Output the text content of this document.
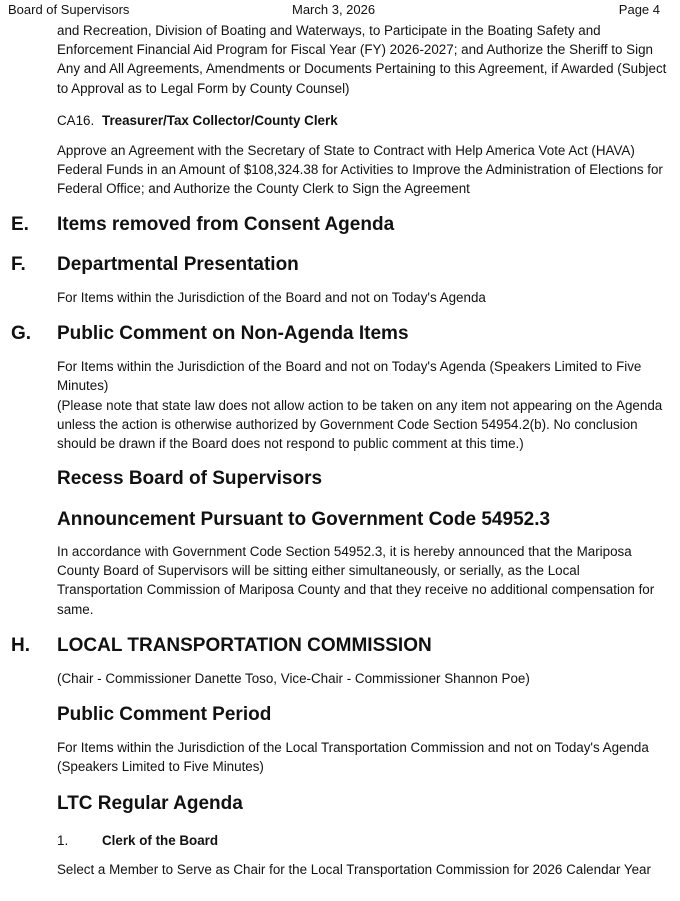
Board of Supervisors	March 3, 2026	Page 4

and Recreation, Division of Boating and Waterways, to Participate in the Boating Safety and Enforcement Financial Aid Program for Fiscal Year (FY) 2026-2027; and Authorize the Sheriff to Sign Any and All Agreements, Amendments or Documents Pertaining to this Agreement, if Awarded (Subject to Approval as to Legal Form by County Counsel)

CA16. Treasurer/Tax Collector/County Clerk

Approve an Agreement with the Secretary of State to Contract with Help America Vote Act (HAVA) Federal Funds in an Amount of $108,324.38 for Activities to Improve the Administration of Elections for Federal Office; and Authorize the County Clerk to Sign the Agreement

E. Items removed from Consent Agenda
F. Departmental Presentation

For Items within the Jurisdiction of the Board and not on Today's Agenda

G. Public Comment on Non-Agenda Items

For Items within the Jurisdiction of the Board and not on Today's Agenda (Speakers Limited to Five Minutes)

(Please note that state law does not allow action to be taken on any item not appearing on the Agenda unless the action is otherwise authorized by Government Code Section 54954.2(b). No conclusion should be drawn if the Board does not respond to public comment at this time.)

Recess Board of Supervisors
Announcement Pursuant to Government Code 54952.3

In accordance with Government Code Section 54952.3, it is hereby announced that the Mariposa County Board of Supervisors will be sitting either simultaneously, or serially, as the Local Transportation Commission of Mariposa County and that they receive no additional compensation for same.

H. LOCAL TRANSPORTATION COMMISSION

(Chair - Commissioner Danette Toso, Vice-Chair - Commissioner Shannon Poe)

Public Comment Period

For Items within the Jurisdiction of the Local Transportation Commission and not on Today's Agenda (Speakers Limited to Five Minutes)

LTC Regular Agenda
1.	Clerk of the Board

Select a Member to Serve as Chair for the Local Transportation Commission for 2026 Calendar Year
